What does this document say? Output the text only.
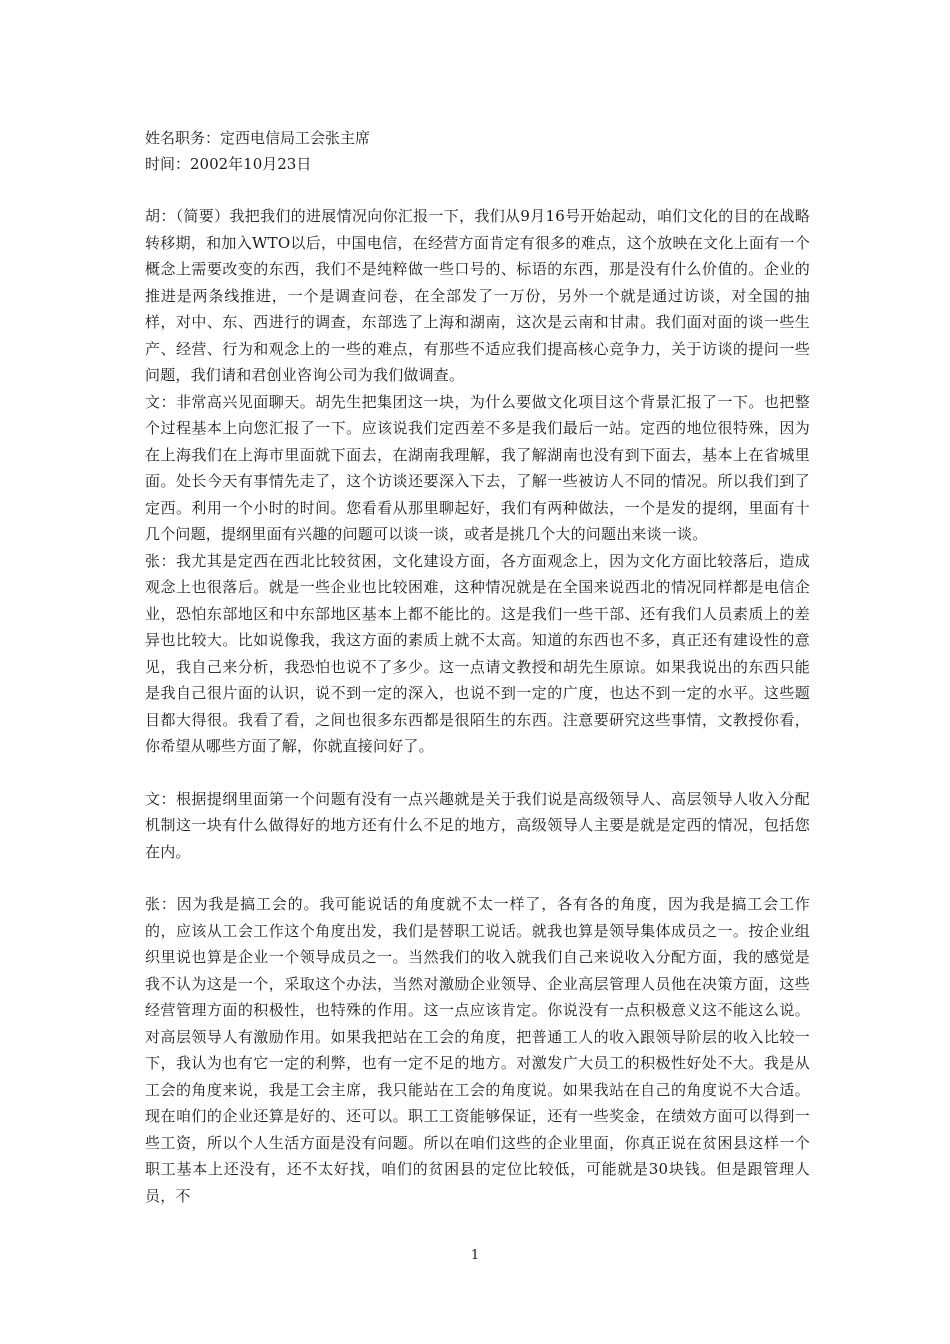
姓名职务：定西电信局工会张主席

时间：2002年10月23日

胡：（简要）我把我们的进展情况向你汇报一下，我们从9月16号开始起动，咱们文化的目的在战略转移期，和加入WTO以后，中国电信，在经营方面肯定有很多的难点，这个放映在文化上面有一个概念上需要改变的东西，我们不是纯粹做一些口号的、标语的东西，那是没有什么价值的。企业的推进是两条线推进，一个是调查问卷，在全部发了一万份，另外一个就是通过访谈，对全国的抽样，对中、东、西进行的调查，东部选了上海和湖南，这次是云南和甘肃。我们面对面的谈一些生产、经营、行为和观念上的一些的难点，有那些不适应我们提高核心竞争力，关于访谈的提问一些问题，我们请和君创业咨询公司为我们做调查。

文：非常高兴见面聊天。胡先生把集团这一块，为什么要做文化项目这个背景汇报了一下。也把整个过程基本上向您汇报了一下。应该说我们定西差不多是我们最后一站。定西的地位很特殊，因为在上海我们在上海市里面就下面去，在湖南我理解，我了解湖南也没有到下面去，基本上在省城里面。处长今天有事情先走了，这个访谈还要深入下去，了解一些被访人不同的情况。所以我们到了定西。利用一个小时的时间。您看看从那里聊起好，我们有两种做法，一个是发的提纲，里面有十几个问题，提纲里面有兴趣的问题可以谈一谈，或者是挑几个大的问题出来谈一谈。

张：我尤其是定西在西北比较贫困，文化建设方面，各方面观念上，因为文化方面比较落后，造成观念上也很落后。就是一些企业也比较困难，这种情况就是在全国来说西北的情况同样都是电信企业，恐怕东部地区和中东部地区基本上都不能比的。这是我们一些干部、还有我们人员素质上的差异也比较大。比如说像我，我这方面的素质上就不太高。知道的东西也不多，真正还有建设性的意见，我自己来分析，我恐怕也说不了多少。这一点请文教授和胡先生原谅。如果我说出的东西只能是我自己很片面的认识，说不到一定的深入，也说不到一定的广度，也达不到一定的水平。这些题目都大得很。我看了看，之间也很多东西都是很陌生的东西。注意要研究这些事情，文教授你看，你希望从哪些方面了解，你就直接问好了。

文：根据提纲里面第一个问题有没有一点兴趣就是关于我们说是高级领导人、高层领导人收入分配机制这一块有什么做得好的地方还有什么不足的地方，高级领导人主要是就是定西的情况，包括您在内。

张：因为我是搞工会的。我可能说话的角度就不太一样了，各有各的角度，因为我是搞工会工作的，应该从工会工作这个角度出发，我们是替职工说话。就我也算是领导集体成员之一。按企业组织里说也算是企业一个领导成员之一。当然我们的收入就我们自己来说收入分配方面，我的感觉是我不认为这是一个，采取这个办法，当然对激励企业领导、企业高层管理人员他在决策方面，这些经营管理方面的积极性，也特殊的作用。这一点应该肯定。你说没有一点积极意义这不能这么说。对高层领导人有激励作用。如果我把站在工会的角度，把普通工人的收入跟领导阶层的收入比较一下，我认为也有它一定的利弊，也有一定不足的地方。对激发广大员工的积极性好处不大。我是从工会的角度来说，我是工会主席，我只能站在工会的角度说。如果我站在自己的角度说不大合适。现在咱们的企业还算是好的、还可以。职工工资能够保证，还有一些奖金，在绩效方面可以得到一些工资，所以个人生活方面是没有问题。所以在咱们这些的企业里面，你真正说在贫困县这样一个职工基本上还没有，还不太好找，咱们的贫困县的定位比较低，可能就是30块钱。但是跟管理人员，不

1
